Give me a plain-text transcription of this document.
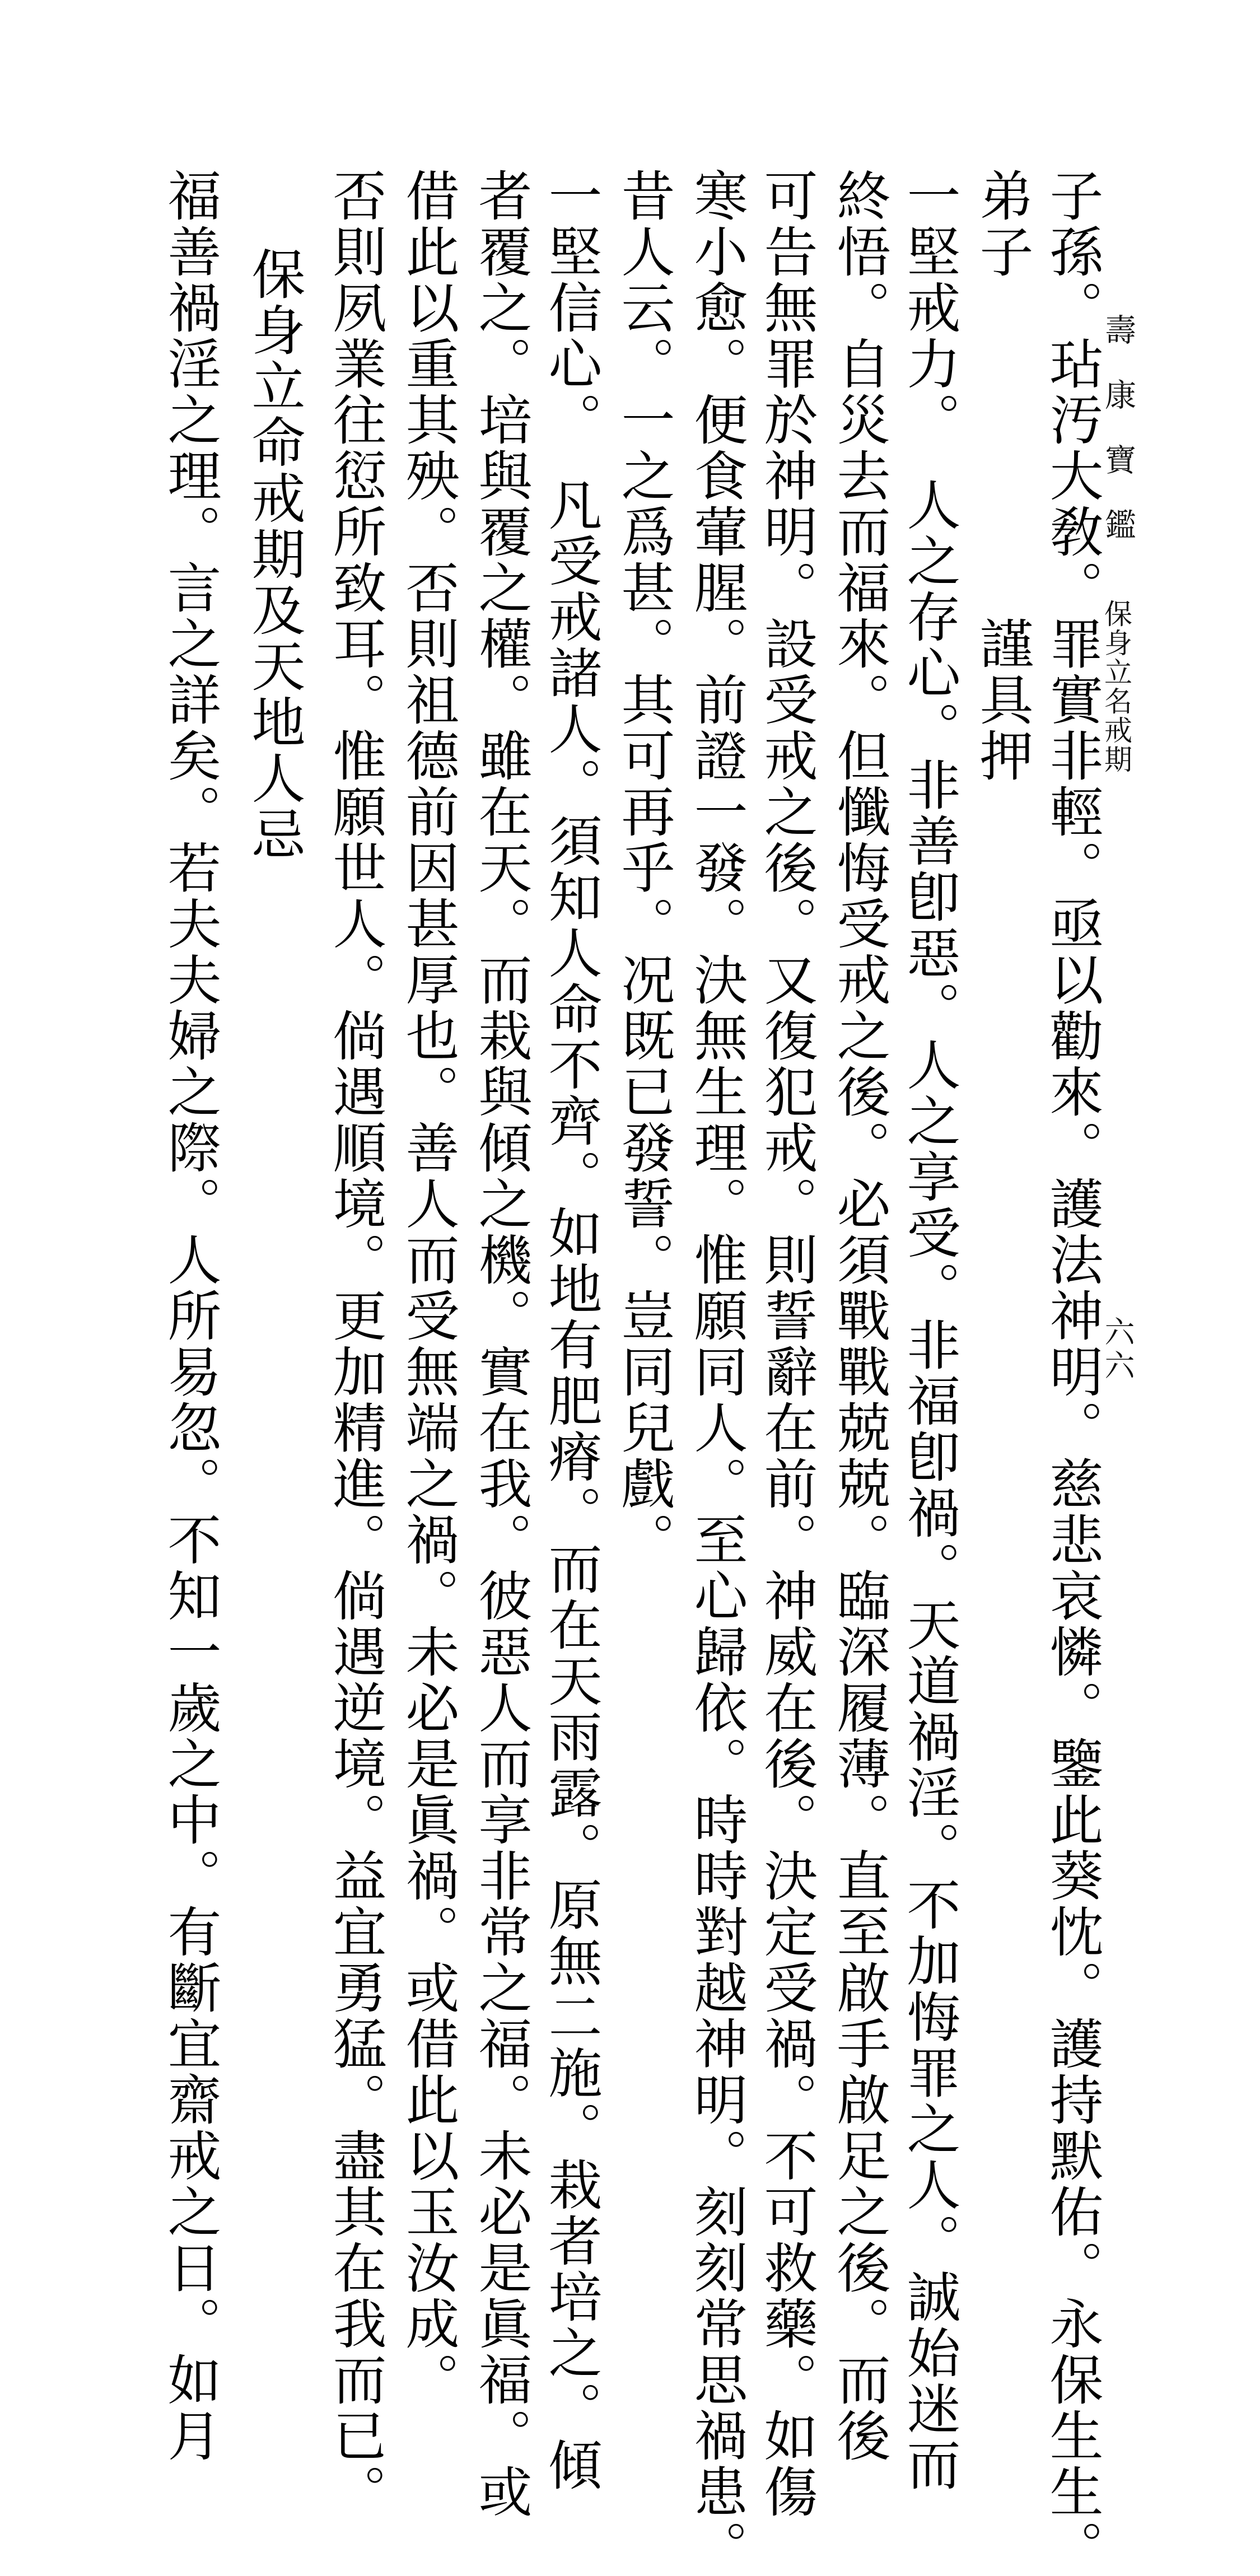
壽康寶鑑
保身立名戒期
六六
子孫。玷汚大敎。罪實非輕。亟以勸來。護法神明。慈悲哀憐。鑒此葵忱。護持默佑。永保生生。
弟子　　　　　　謹具押
一堅戒力。　人之存心。非善卽惡。人之享受。非福卽禍。天道禍淫。不加悔罪之人。誠始迷而
終悟。自災去而福來。但懺悔受戒之後。必須戰戰兢兢。臨深履薄。直至啟手啟足之後。而後
可告無罪於神明。設受戒之後。又復犯戒。則誓辭在前。神威在後。決定受禍。不可救藥。如傷
寒小愈。便食葷腥。前證一發。決無生理。惟願同人。至心歸依。時時對越神明。刻刻常思禍患。
昔人云。一之爲甚。其可再乎。况既已發誓。豈同兒戲。
一堅信心。　凡受戒諸人。須知人命不齊。如地有肥瘠。而在天雨露。原無二施。栽者培之。傾
者覆之。培與覆之權。雖在天。而栽與傾之機。實在我。彼惡人而享非常之福。未必是眞福。或
借此以重其殃。否則祖德前因甚厚也。善人而受無端之禍。未必是眞禍。或借此以玉汝成。
否則夙業往愆所致耳。惟願世人。倘遇順境。更加精進。倘遇逆境。益宜勇猛。盡其在我而已。
保身立命戒期及天地人忌
福善禍淫之理。言之詳矣。若夫夫婦之際。人所易忽。不知一歲之中。有斷宜齋戒之日。如月
